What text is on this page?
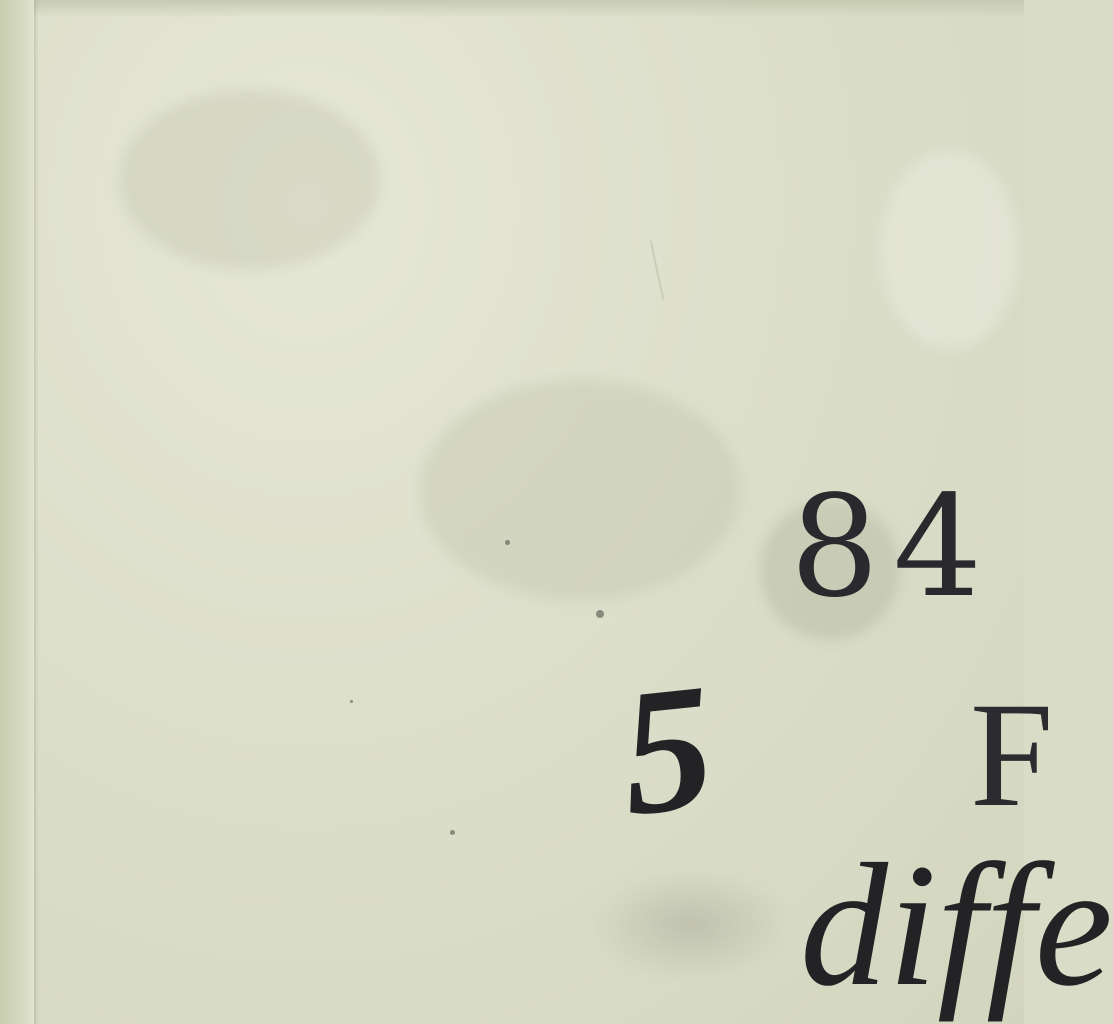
84
5 F
diffe
